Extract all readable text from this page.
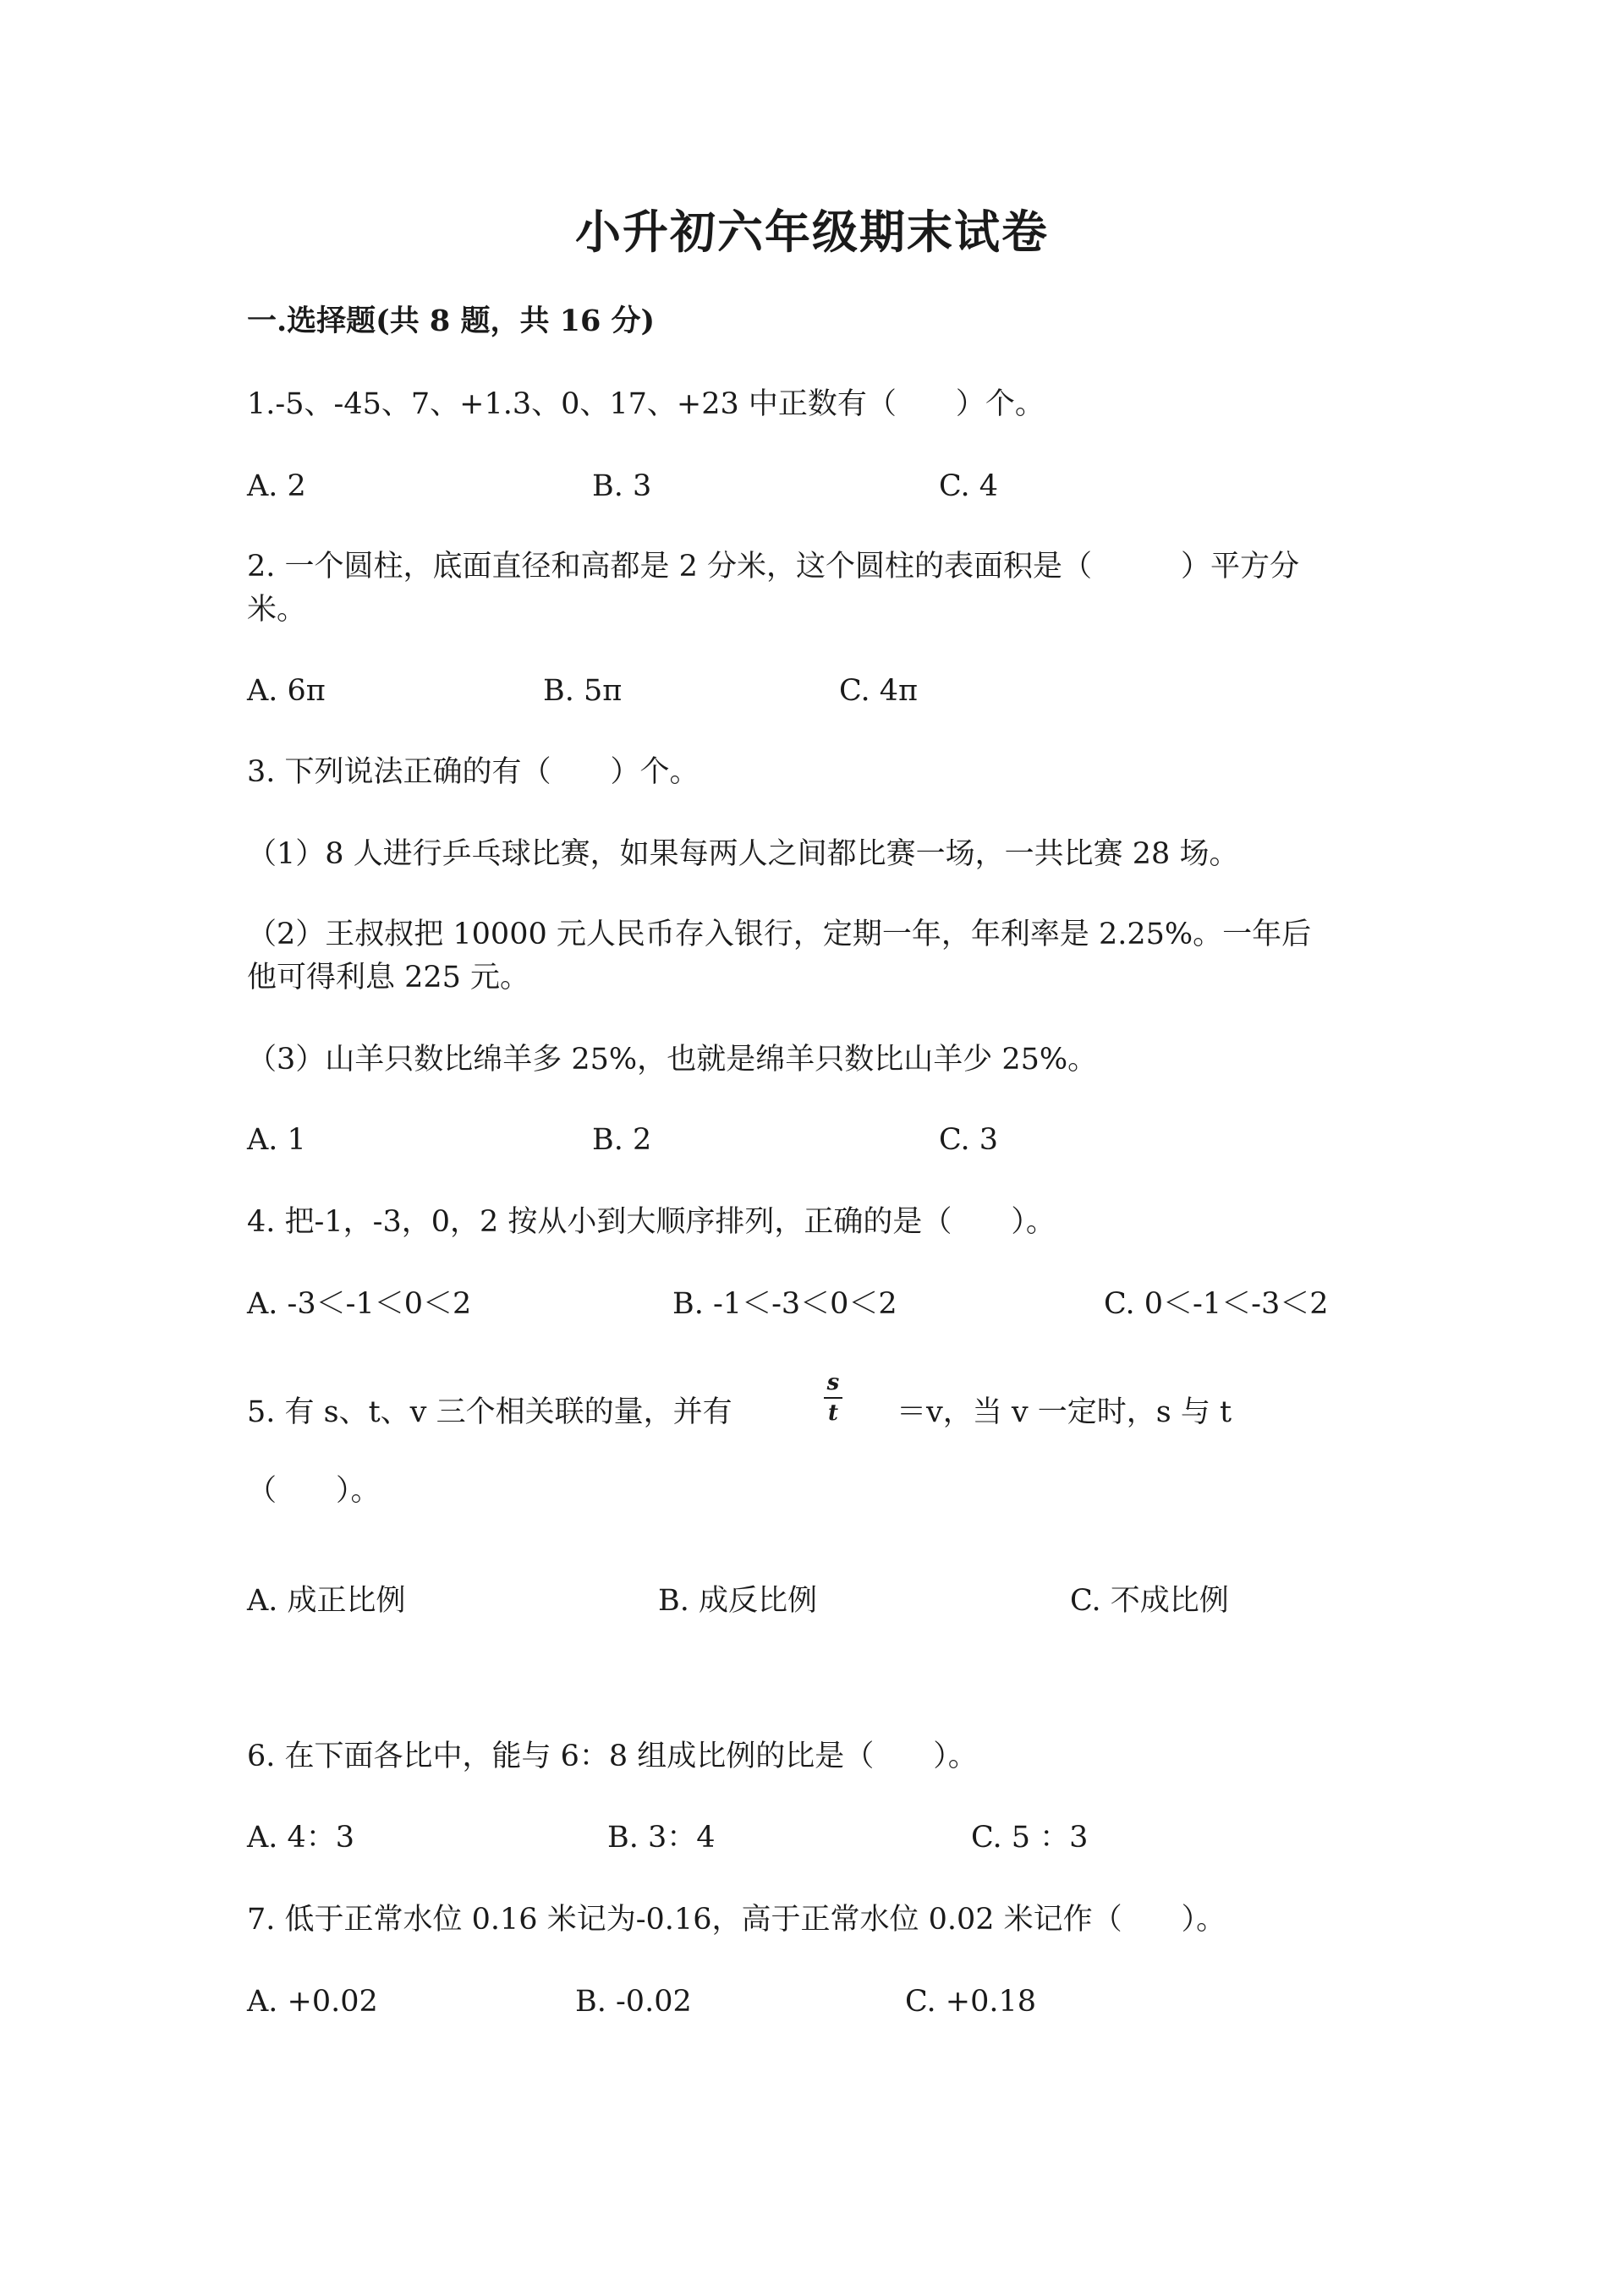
小升初六年级期末试卷
一.选择题(共 8 题，共 16 分)
1.-5、-45、7、+1.3、0、17、+23 中正数有（　　）个。
A. 2	B. 3	C. 4
2. 一个圆柱，底面直径和高都是 2 分米，这个圆柱的表面积是（　　　）平方分
米。
A. 6π	B. 5π	C. 4π
3. 下列说法正确的有（　　）个。
（1）8 人进行乒乓球比赛，如果每两人之间都比赛一场，一共比赛 28 场。
（2）王叔叔把 10000 元人民币存入银行，定期一年，年利率是 2.25%。一年后
他可得利息 225 元。
（3）山羊只数比绵羊多 25%，也就是绵羊只数比山羊少 25%。
A. 1	B. 2	C. 3
4. 把-1，-3，0，2 按从小到大顺序排列，正确的是（　　）。
A. -3＜-1＜0＜2	B. -1＜-3＜0＜2	C. 0＜-1＜-3＜2
5. 有 s、t、v 三个相关联的量，并有
s
t ＝v，当 v 一定时，s 与 t
（　　）。
A. 成正比例	B. 成反比例	C. 不成比例
6. 在下面各比中，能与 6：8 组成比例的比是（　　）。
A. 4：3	B. 3：4	C. 5 ：3
7. 低于正常水位 0.16 米记为-0.16，高于正常水位 0.02 米记作（　　）。
A. +0.02	B. -0.02	C. +0.18
